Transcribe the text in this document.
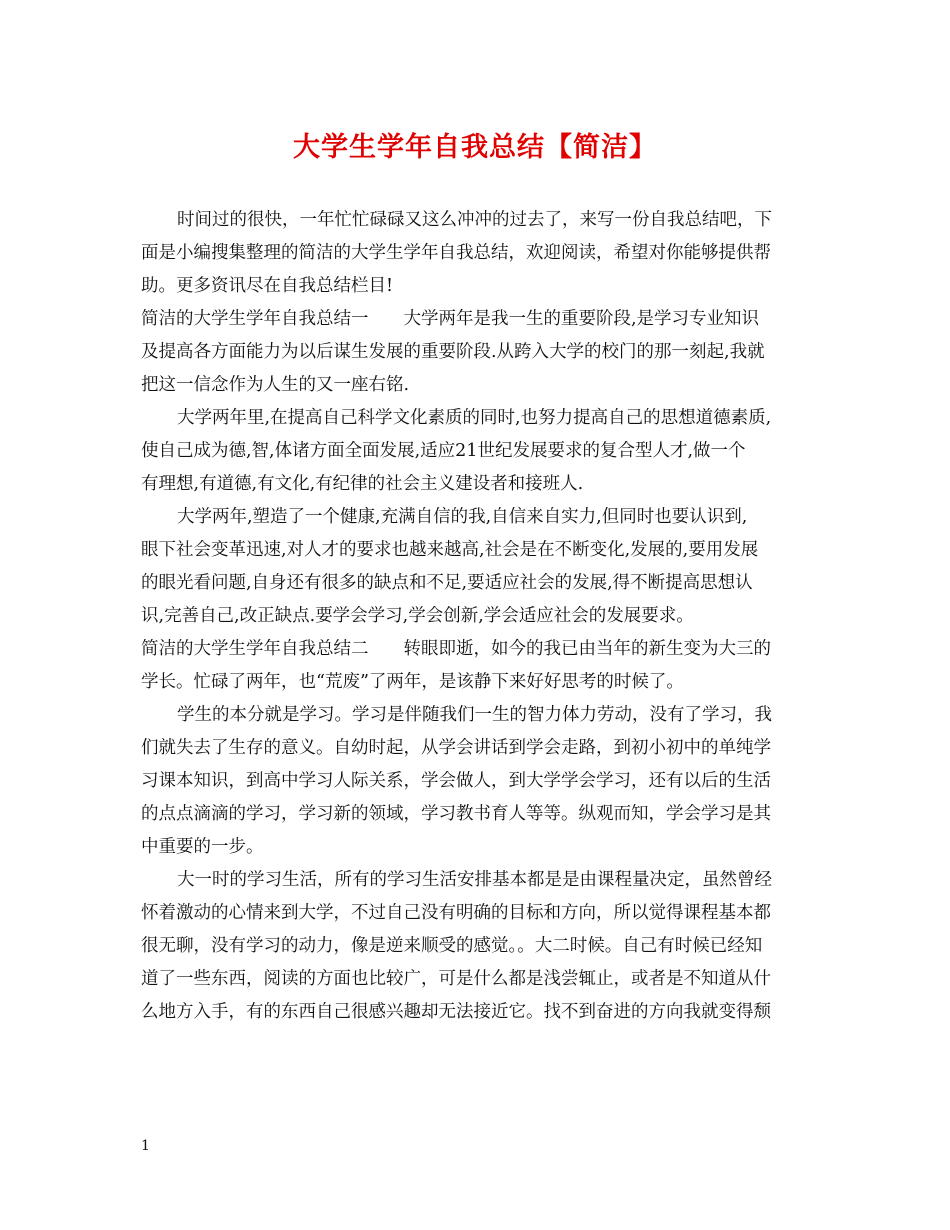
大学生学年自我总结【简洁】
时间过的很快，一年忙忙碌碌又这么冲冲的过去了，来写一份自我总结吧，下
面是小编搜集整理的简洁的大学生学年自我总结，欢迎阅读，希望对你能够提供帮
助。更多资讯尽在自我总结栏目!
简洁的大学生学年自我总结一　　大学两年是我一生的重要阶段,是学习专业知识
及提高各方面能力为以后谋生发展的重要阶段.从跨入大学的校门的那一刻起,我就
把这一信念作为人生的又一座右铭.
大学两年里,在提高自己科学文化素质的同时,也努力提高自己的思想道德素质,
使自己成为德,智,体诸方面全面发展,适应21世纪发展要求的复合型人才,做一个
有理想,有道德,有文化,有纪律的社会主义建设者和接班人.
大学两年,塑造了一个健康,充满自信的我,自信来自实力,但同时也要认识到,
眼下社会变革迅速,对人才的要求也越来越高,社会是在不断变化,发展的,要用发展
的眼光看问题,自身还有很多的缺点和不足,要适应社会的发展,得不断提高思想认
识,完善自己,改正缺点.要学会学习,学会创新,学会适应社会的发展要求。
简洁的大学生学年自我总结二　　转眼即逝，如今的我已由当年的新生变为大三的
学长。忙碌了两年，也“荒废”了两年，是该静下来好好思考的时候了。
学生的本分就是学习。学习是伴随我们一生的智力体力劳动，没有了学习，我
们就失去了生存的意义。自幼时起，从学会讲话到学会走路，到初小初中的单纯学
习课本知识，到高中学习人际关系，学会做人，到大学学会学习，还有以后的生活
的点点滴滴的学习，学习新的领域，学习教书育人等等。纵观而知，学会学习是其
中重要的一步。
大一时的学习生活，所有的学习生活安排基本都是是由课程量决定，虽然曾经
怀着激动的心情来到大学，不过自己没有明确的目标和方向，所以觉得课程基本都
很无聊，没有学习的动力，像是逆来顺受的感觉。。大二时候。自己有时候已经知
道了一些东西，阅读的方面也比较广，可是什么都是浅尝辄止，或者是不知道从什
么地方入手，有的东西自己很感兴趣却无法接近它。找不到奋进的方向我就变得颓
1
